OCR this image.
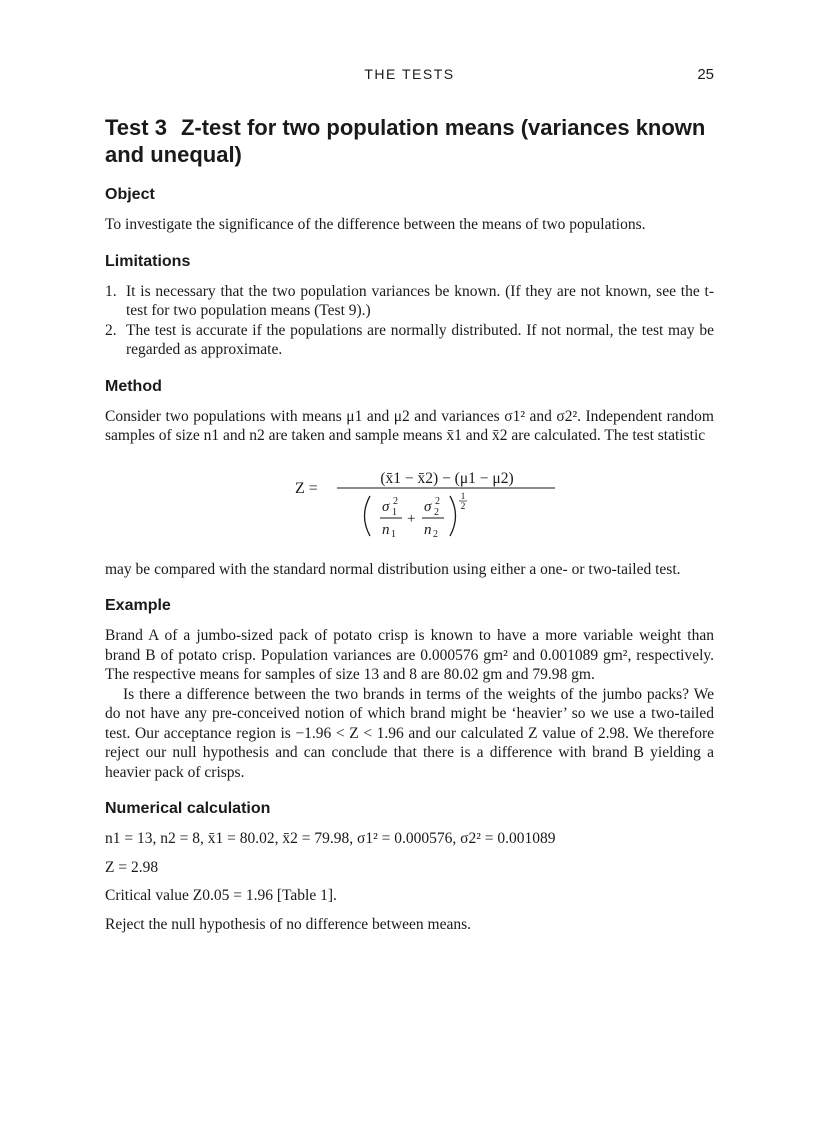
THE TESTS	25
Test 3 Z-test for two population means (variances known and unequal)
Object

To investigate the significance of the difference between the means of two populations.

Limitations
1. It is necessary that the two population variances be known. (If they are not known, see the t-test for two population means (Test 9).)
2. The test is accurate if the populations are normally distributed. If not normal, the test may be regarded as approximate.
Method

Consider two populations with means μ1 and μ2 and variances σ1² and σ2². Independent random samples of size n1 and n2 are taken and sample means x̄1 and x̄2 are calculated. The test statistic

Z =
(x̄1 − x̄2) − (μ1 − μ2)
σ 2
1
n 1
+
σ 2
2
n 2
1
2

may be compared with the standard normal distribution using either a one- or two-tailed test.

Example

Brand A of a jumbo-sized pack of potato crisp is known to have a more variable weight than brand B of potato crisp. Population variances are 0.000576 gm² and 0.001089 gm², respectively. The respective means for samples of size 13 and 8 are 80.02 gm and 79.98 gm.

Is there a difference between the two brands in terms of the weights of the jumbo packs? We do not have any pre-conceived notion of which brand might be ‘heavier’ so we use a two-tailed test. Our acceptance region is −1.96 < Z < 1.96 and our calculated Z value of 2.98. We therefore reject our null hypothesis and can conclude that there is a difference with brand B yielding a heavier pack of crisps.

Numerical calculation

n1 = 13, n2 = 8, x̄1 = 80.02, x̄2 = 79.98, σ1² = 0.000576, σ2² = 0.001089

Z = 2.98

Critical value Z0.05 = 1.96 [Table 1].

Reject the null hypothesis of no difference between means.
